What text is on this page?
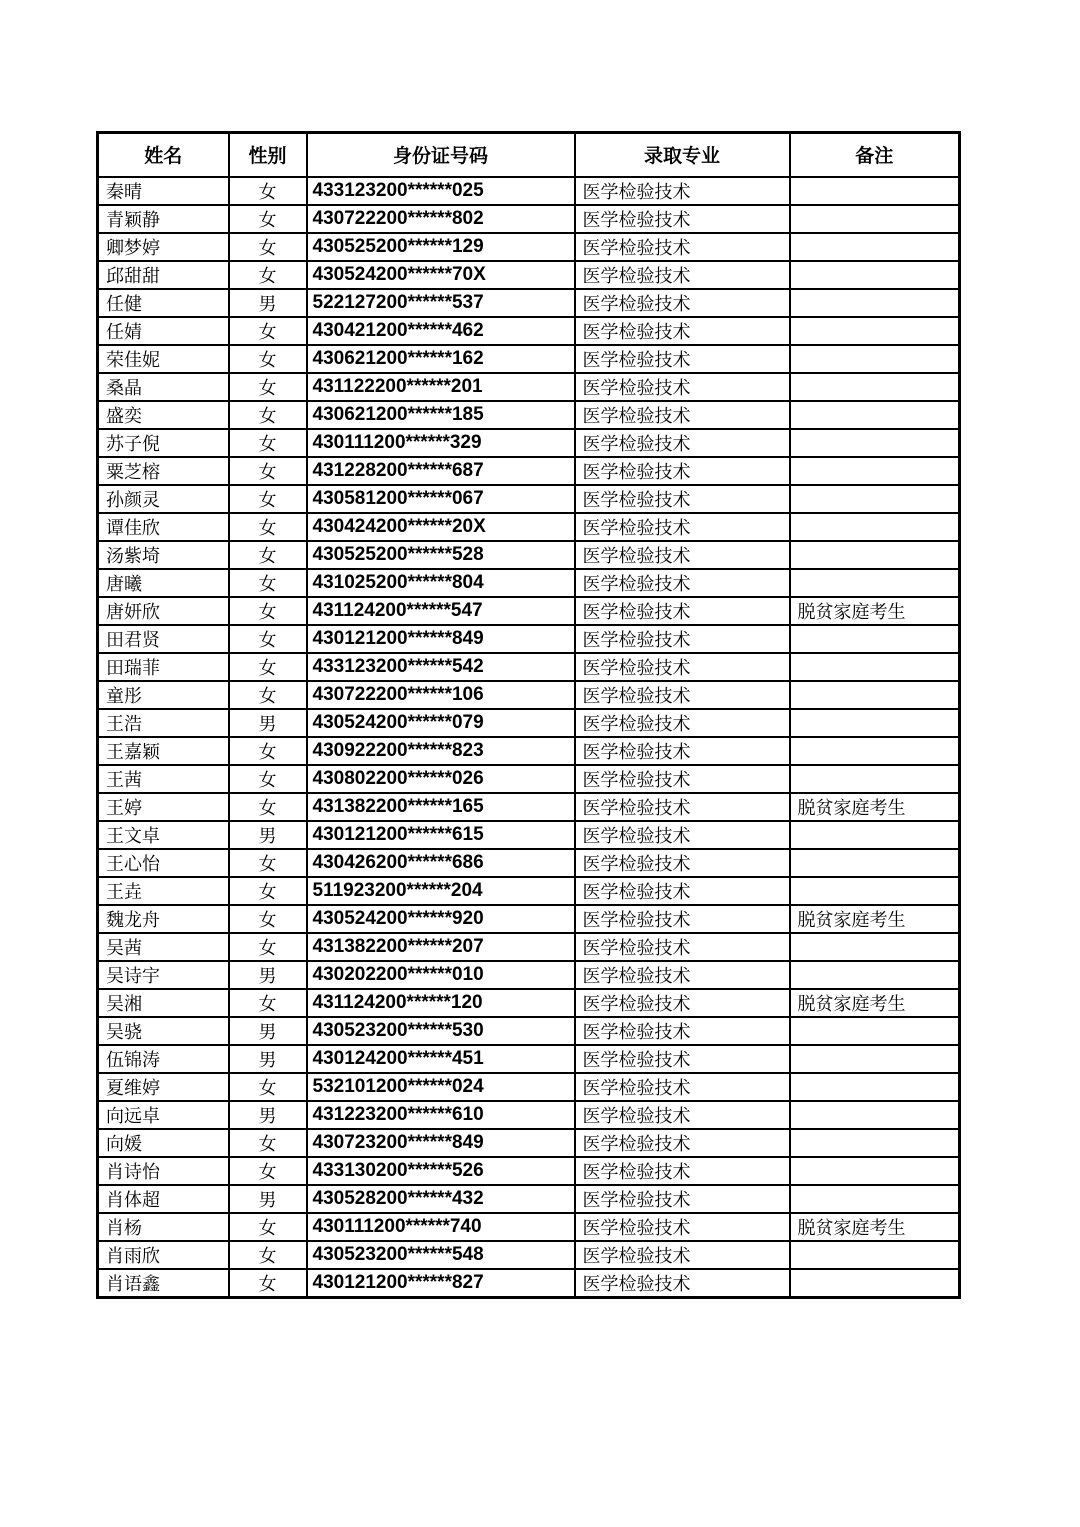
姓名	性别	身份证号码	录取专业	备注
秦晴	女	433123200******025	医学检验技术	
青颖静	女	430722200******802	医学检验技术	
卿梦婷	女	430525200******129	医学检验技术	
邱甜甜	女	430524200******70X	医学检验技术	
任健	男	522127200******537	医学检验技术	
任婧	女	430421200******462	医学检验技术	
荣佳妮	女	430621200******162	医学检验技术	
桑晶	女	431122200******201	医学检验技术	
盛奕	女	430621200******185	医学检验技术	
苏子倪	女	430111200******329	医学检验技术	
粟芝榕	女	431228200******687	医学检验技术	
孙颜灵	女	430581200******067	医学检验技术	
谭佳欣	女	430424200******20X	医学检验技术	
汤紫埼	女	430525200******528	医学检验技术	
唐曦	女	431025200******804	医学检验技术	
唐妍欣	女	431124200******547	医学检验技术	脱贫家庭考生
田君贤	女	430121200******849	医学检验技术	
田瑞菲	女	433123200******542	医学检验技术	
童彤	女	430722200******106	医学检验技术	
王浩	男	430524200******079	医学检验技术	
王嘉颖	女	430922200******823	医学检验技术	
王茜	女	430802200******026	医学检验技术	
王婷	女	431382200******165	医学检验技术	脱贫家庭考生
王文卓	男	430121200******615	医学检验技术	
王心怡	女	430426200******686	医学检验技术	
王垚	女	511923200******204	医学检验技术	
魏龙舟	女	430524200******920	医学检验技术	脱贫家庭考生
吴茜	女	431382200******207	医学检验技术	
吴诗宇	男	430202200******010	医学检验技术	
吴湘	女	431124200******120	医学检验技术	脱贫家庭考生
吴骁	男	430523200******530	医学检验技术	
伍锦涛	男	430124200******451	医学检验技术	
夏维婷	女	532101200******024	医学检验技术	
向远卓	男	431223200******610	医学检验技术	
向媛	女	430723200******849	医学检验技术	
肖诗怡	女	433130200******526	医学检验技术	
肖体超	男	430528200******432	医学检验技术	
肖杨	女	430111200******740	医学检验技术	脱贫家庭考生
肖雨欣	女	430523200******548	医学检验技术	
肖语鑫	女	430121200******827	医学检验技术	
